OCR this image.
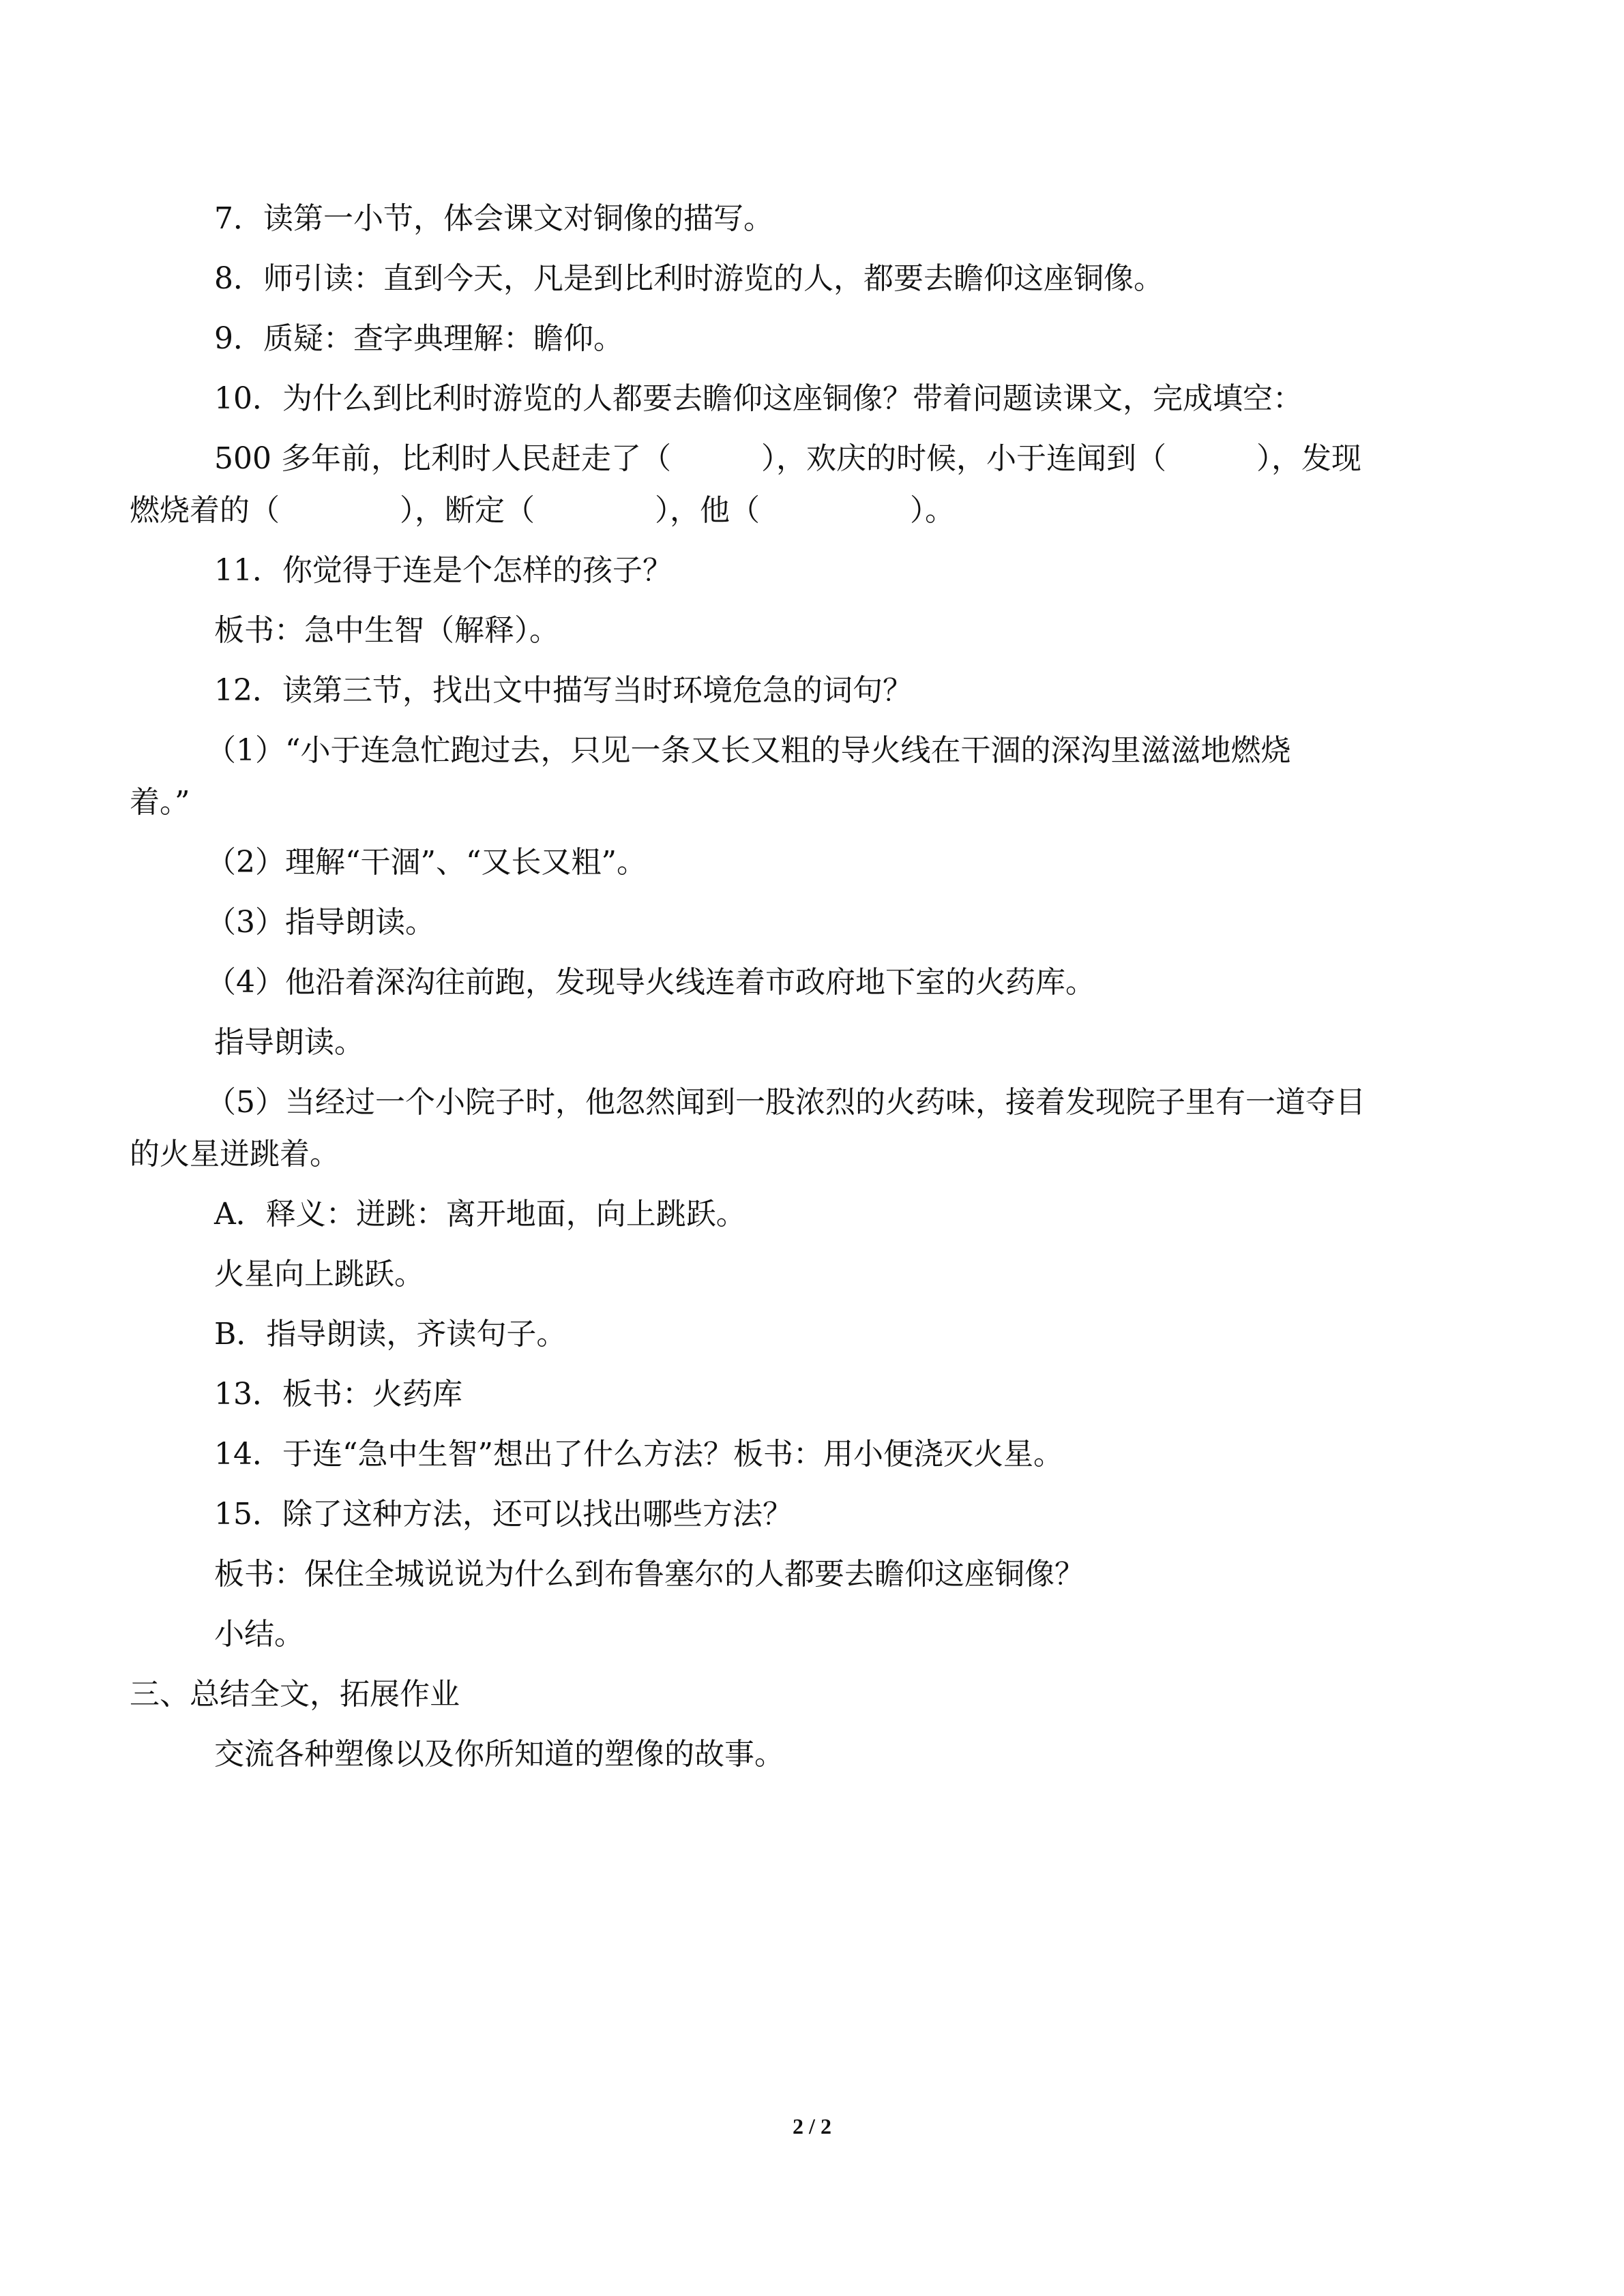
7．读第一小节，体会课文对铜像的描写。
8．师引读：直到今天，凡是到比利时游览的人，都要去瞻仰这座铜像。
9．质疑：查字典理解：瞻仰。
10．为什么到比利时游览的人都要去瞻仰这座铜像？带着问题读课文，完成填空：
500 多年前，比利时人民赶走了（　　　），欢庆的时候，小于连闻到（　　　），发现
燃烧着的（　　　　），断定（　　　　），他（　　　　　）。
11．你觉得于连是个怎样的孩子？
板书：急中生智（解释）。
12．读第三节，找出文中描写当时环境危急的词句？
（1）“小于连急忙跑过去，只见一条又长又粗的导火线在干涸的深沟里滋滋地燃烧
着。”
（2）理解“干涸”、“又长又粗”。
（3）指导朗读。
（4）他沿着深沟往前跑，发现导火线连着市政府地下室的火药库。
指导朗读。
（5）当经过一个小院子时，他忽然闻到一股浓烈的火药味，接着发现院子里有一道夺目
的火星迸跳着。
A．释义：迸跳：离开地面，向上跳跃。
火星向上跳跃。
B．指导朗读，齐读句子。
13．板书：火药库
14．于连“急中生智”想出了什么方法？板书：用小便浇灭火星。
15．除了这种方法，还可以找出哪些方法？
板书：保住全城说说为什么到布鲁塞尔的人都要去瞻仰这座铜像？
小结。
三、总结全文，拓展作业
交流各种塑像以及你所知道的塑像的故事。
2 / 2
